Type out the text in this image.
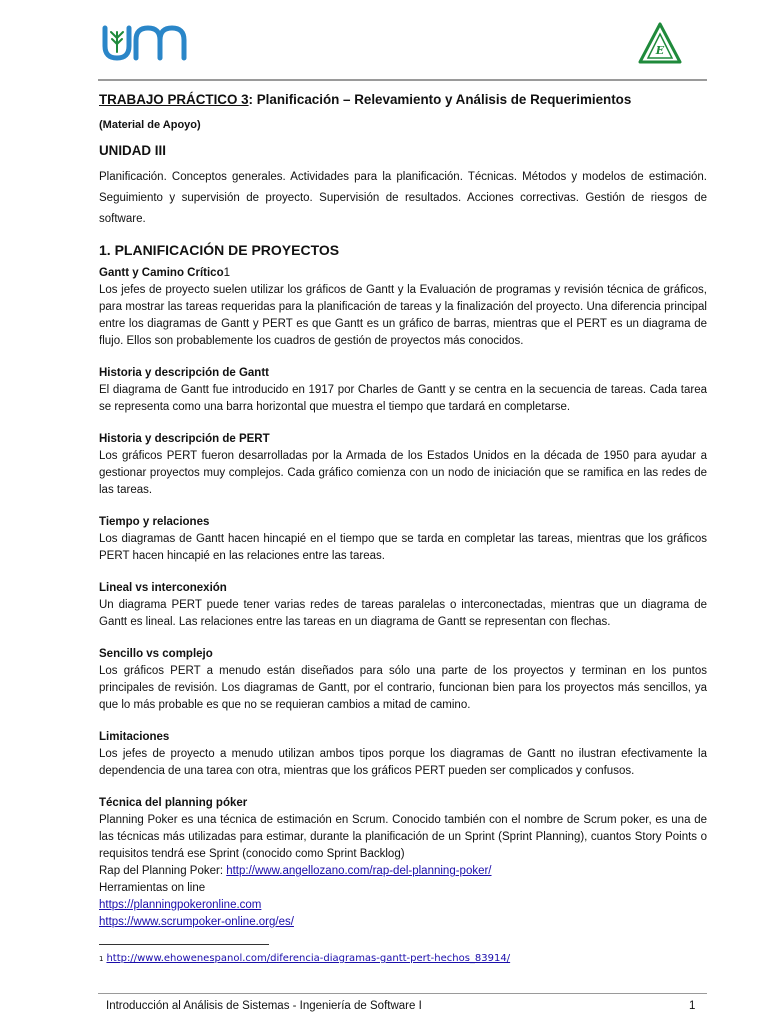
E

TRABAJO PRÁCTICO 3: Planificación – Relevamiento y Análisis de Requerimientos

(Material de Apoyo)

UNIDAD III

Planificación. Conceptos generales. Actividades para la planificación. Técnicas. Métodos y modelos de estimación. Seguimiento y supervisión de proyecto. Supervisión de resultados. Acciones correctivas. Gestión de riesgos de software.

1. PLANIFICACIÓN DE PROYECTOS

Gantt y Camino Crítico1

Los jefes de proyecto suelen utilizar los gráficos de Gantt y la Evaluación de programas y revisión técnica de gráficos, para mostrar las tareas requeridas para la planificación de tareas y la finalización del proyecto. Una diferencia principal entre los diagramas de Gantt y PERT es que Gantt es un gráfico de barras, mientras que el PERT es un diagrama de flujo. Ellos son probablemente los cuadros de gestión de proyectos más conocidos.

Historia y descripción de Gantt

El diagrama de Gantt fue introducido en 1917 por Charles de Gantt y se centra en la secuencia de tareas. Cada tarea se representa como una barra horizontal que muestra el tiempo que tardará en completarse.

Historia y descripción de PERT

Los gráficos PERT fueron desarrolladas por la Armada de los Estados Unidos en la década de 1950 para ayudar a gestionar proyectos muy complejos. Cada gráfico comienza con un nodo de iniciación que se ramifica en las redes de las tareas.

Tiempo y relaciones

Los diagramas de Gantt hacen hincapié en el tiempo que se tarda en completar las tareas, mientras que los gráficos PERT hacen hincapié en las relaciones entre las tareas.

Lineal vs interconexión

Un diagrama PERT puede tener varias redes de tareas paralelas o interconectadas, mientras que un diagrama de Gantt es lineal. Las relaciones entre las tareas en un diagrama de Gantt se representan con flechas.

Sencillo vs complejo

Los gráficos PERT a menudo están diseñados para sólo una parte de los proyectos y terminan en los puntos principales de revisión. Los diagramas de Gantt, por el contrario, funcionan bien para los proyectos más sencillos, ya que lo más probable es que no se requieran cambios a mitad de camino.

Limitaciones

Los jefes de proyecto a menudo utilizan ambos tipos porque los diagramas de Gantt no ilustran efectivamente la dependencia de una tarea con otra, mientras que los gráficos PERT pueden ser complicados y confusos.

Técnica del planning póker

Planning Poker es una técnica de estimación en Scrum. Conocido también con el nombre de Scrum poker, es una de las técnicas más utilizadas para estimar, durante la planificación de un Sprint (Sprint Planning), cuantos Story Points o requisitos tendrá ese Sprint (conocido como Sprint Backlog)

Rap del Planning Poker: http://www.angellozano.com/rap-del-planning-poker/

Herramientas on line

https://planningpokeronline.com

https://www.scrumpoker-online.org/es/

$^1$ http://www.ehowenespanol.com/diferencia-diagramas-gantt-pert-hechos_83914/
Introducción al Análisis de Sistemas - Ingeniería de Software I	1
